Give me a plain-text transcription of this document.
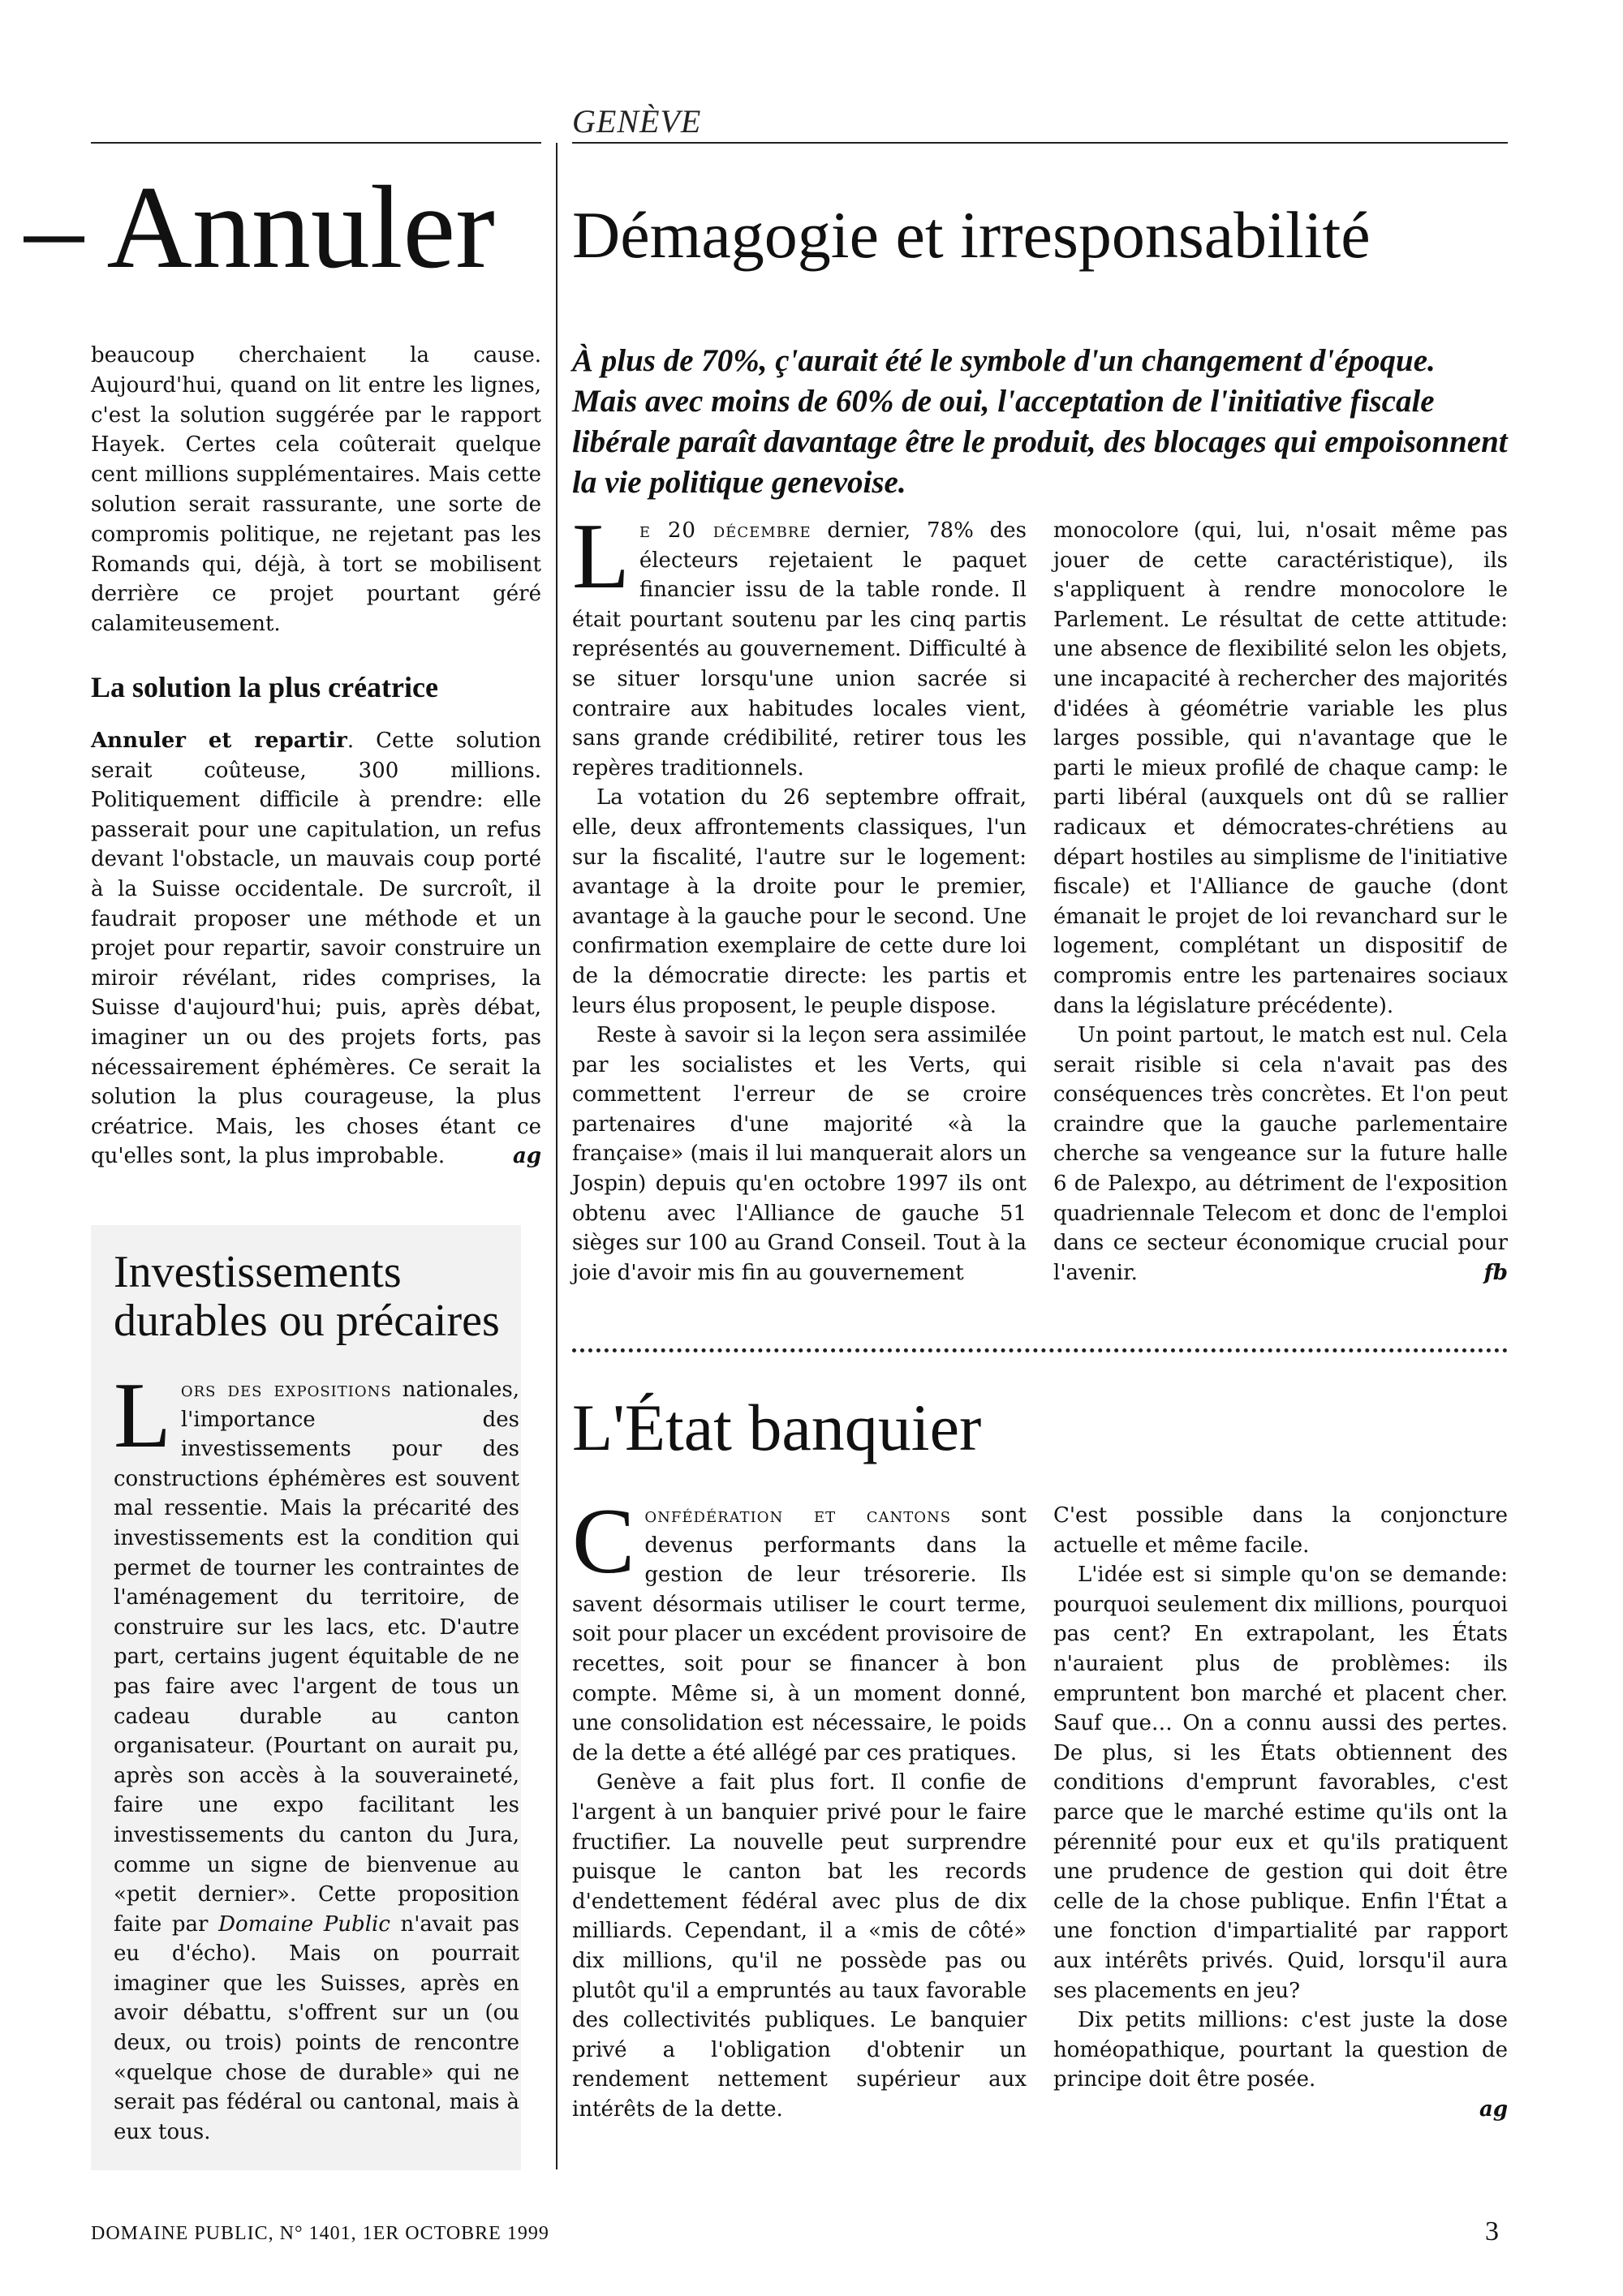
GENÈVE
– Annuler

beaucoup cherchaient la cause. Aujourd'hui, quand on lit entre les lignes, c'est la solution suggérée par le rapport Hayek. Certes cela coûterait quelque cent millions supplémentaires. Mais cette solution serait rassurante, une sorte de compromis politique, ne rejetant pas les Romands qui, déjà, à tort se mobilisent derrière ce projet pourtant géré calamiteusement.

La solution la plus créatrice

Annuler et repartir. Cette solution serait coûteuse, 300 millions. Politiquement difficile à prendre: elle passerait pour une capitulation, un refus devant l'obstacle, un mauvais coup porté à la Suisse occidentale. De surcroît, il faudrait proposer une méthode et un projet pour repartir, savoir construire un miroir révélant, rides comprises, la Suisse d'aujourd'hui; puis, après débat, imaginer un ou des projets forts, pas nécessairement éphémères. Ce serait la solution la plus courageuse, la plus créatrice. Mais, les choses étant ce qu'elles sont, la plus improbable.	ag

Investissements durables ou précaires

Lors des expositions nationales, l'importance des investissements pour des constructions éphémères est souvent mal ressentie. Mais la précarité des investissements est la condition qui permet de tourner les contraintes de l'aménagement du territoire, de construire sur les lacs, etc. D'autre part, certains jugent équitable de ne pas faire avec l'argent de tous un cadeau durable au canton organisateur. (Pourtant on aurait pu, après son accès à la souveraineté, faire une expo facilitant les investissements du canton du Jura, comme un signe de bienvenue au «petit dernier». Cette proposition faite par Domaine Public n'avait pas eu d'écho). Mais on pourrait imaginer que les Suisses, après en avoir débattu, s'offrent sur un (ou deux, ou trois) points de rencontre «quelque chose de durable» qui ne serait pas fédéral ou cantonal, mais à eux tous.

Démagogie et irresponsabilité

À plus de 70%, ç'aurait été le symbole d'un changement d'époque. Mais avec moins de 60% de oui, l'acceptation de l'initiative fiscale libérale paraît davantage être le produit, des blocages qui empoisonnent la vie politique genevoise.

Le 20 décembre dernier, 78% des électeurs rejetaient le paquet financier issu de la table ronde. Il était pourtant soutenu par les cinq partis représentés au gouvernement. Difficulté à se situer lorsqu'une union sacrée si contraire aux habitudes locales vient, sans grande crédibilité, retirer tous les repères traditionnels.

La votation du 26 septembre offrait, elle, deux affrontements classiques, l'un sur la fiscalité, l'autre sur le logement: avantage à la droite pour le premier, avantage à la gauche pour le second. Une confirmation exemplaire de cette dure loi de la démocratie directe: les partis et leurs élus proposent, le peuple dispose.

Reste à savoir si la leçon sera assimilée par les socialistes et les Verts, qui commettent l'erreur de se croire partenaires d'une majorité «à la française» (mais il lui manquerait alors un Jospin) depuis qu'en octobre 1997 ils ont obtenu avec l'Alliance de gauche 51 sièges sur 100 au Grand Conseil. Tout à la joie d'avoir mis fin au gouvernement

monocolore (qui, lui, n'osait même pas jouer de cette caractéristique), ils s'appliquent à rendre monocolore le Parlement. Le résultat de cette attitude: une absence de flexibilité selon les objets, une incapacité à rechercher des majorités d'idées à géométrie variable les plus larges possible, qui n'avantage que le parti le mieux profilé de chaque camp: le parti libéral (auxquels ont dû se rallier radicaux et démocrates-chrétiens au départ hostiles au simplisme de l'initiative fiscale) et l'Alliance de gauche (dont émanait le projet de loi revanchard sur le logement, complétant un dispositif de compromis entre les partenaires sociaux dans la législature précédente).

Un point partout, le match est nul. Cela serait risible si cela n'avait pas des conséquences très concrètes. Et l'on peut craindre que la gauche parlementaire cherche sa vengeance sur la future halle 6 de Palexpo, au détriment de l'exposition quadriennale Telecom et donc de l'emploi dans ce secteur économique crucial pour l'avenir.	fb

L'État banquier

Confédération et cantons sont devenus performants dans la gestion de leur trésorerie. Ils savent désormais utiliser le court terme, soit pour placer un excédent provisoire de recettes, soit pour se financer à bon compte. Même si, à un moment donné, une consolidation est nécessaire, le poids de la dette a été allégé par ces pratiques.

Genève a fait plus fort. Il confie de l'argent à un banquier privé pour le faire fructifier. La nouvelle peut surprendre puisque le canton bat les records d'endettement fédéral avec plus de dix milliards. Cependant, il a «mis de côté» dix millions, qu'il ne possède pas ou plutôt qu'il a empruntés au taux favorable des collectivités publiques. Le banquier privé a l'obligation d'obtenir un rendement nettement supérieur aux intérêts de la dette.

C'est possible dans la conjoncture actuelle et même facile.

L'idée est si simple qu'on se demande: pourquoi seulement dix millions, pourquoi pas cent? En extrapolant, les États n'auraient plus de problèmes: ils empruntent bon marché et placent cher. Sauf que… On a connu aussi des pertes. De plus, si les États obtiennent des conditions d'emprunt favorables, c'est parce que le marché estime qu'ils ont la pérennité pour eux et qu'ils pratiquent une prudence de gestion qui doit être celle de la chose publique. Enfin l'État a une fonction d'impartialité par rapport aux intérêts privés. Quid, lorsqu'il aura ses placements en jeu?

Dix petits millions: c'est juste la dose homéopathique, pourtant la question de principe doit être posée.

ag

DOMAINE PUBLIC, N° 1401, 1ER OCTOBRE 1999	3
